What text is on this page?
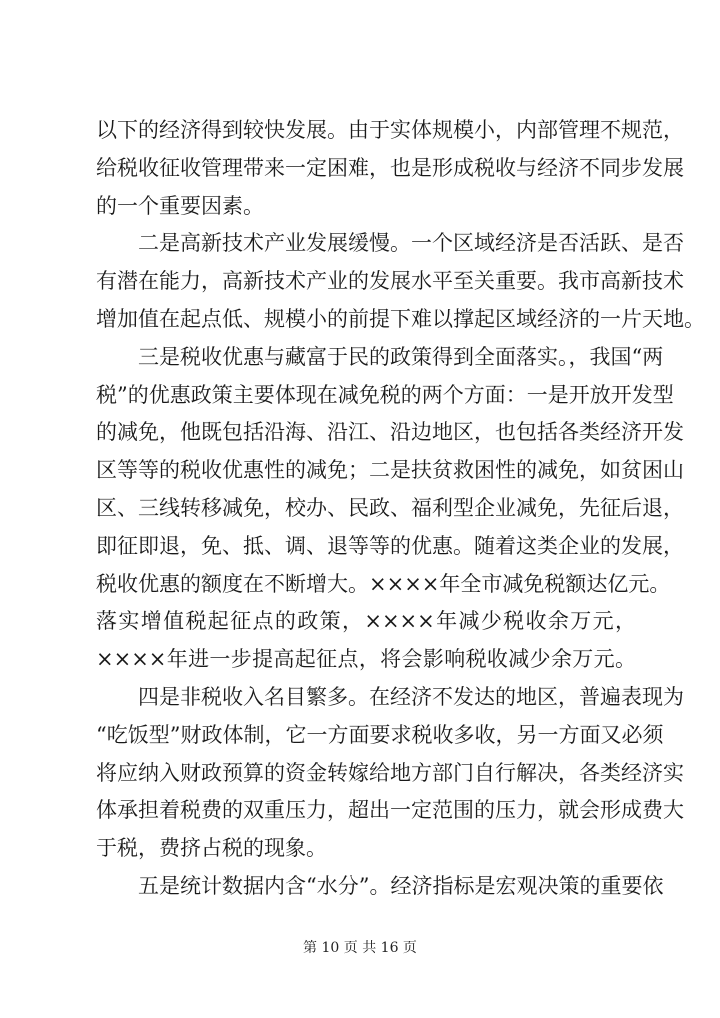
以下的经济得到较快发展。由于实体规模小，内部管理不规范，
给税收征收管理带来一定困难，也是形成税收与经济不同步发展
的一个重要因素。
二是高新技术产业发展缓慢。一个区域经济是否活跃、是否
有潜在能力，高新技术产业的发展水平至关重要。我市高新技术
增加值在起点低、规模小的前提下难以撑起区域经济的一片天地。
三是税收优惠与藏富于民的政策得到全面落实。，我国“两
税”的优惠政策主要体现在减免税的两个方面：一是开放开发型
的减免，他既包括沿海、沿江、沿边地区，也包括各类经济开发
区等等的税收优惠性的减免；二是扶贫救困性的减免，如贫困山
区、三线转移减免，校办、民政、福利型企业减免，先征后退，
即征即退，免、抵、调、退等等的优惠。随着这类企业的发展，
税收优惠的额度在不断增大。××××年全市减免税额达亿元。
落实增值税起征点的政策，××××年减少税收余万元，
××××年进一步提高起征点，将会影响税收减少余万元。
四是非税收入名目繁多。在经济不发达的地区，普遍表现为
“吃饭型”财政体制，它一方面要求税收多收，另一方面又必须
将应纳入财政预算的资金转嫁给地方部门自行解决，各类经济实
体承担着税费的双重压力，超出一定范围的压力，就会形成费大
于税，费挤占税的现象。
五是统计数据内含“水分”。经济指标是宏观决策的重要依
第 10 页 共 16 页
